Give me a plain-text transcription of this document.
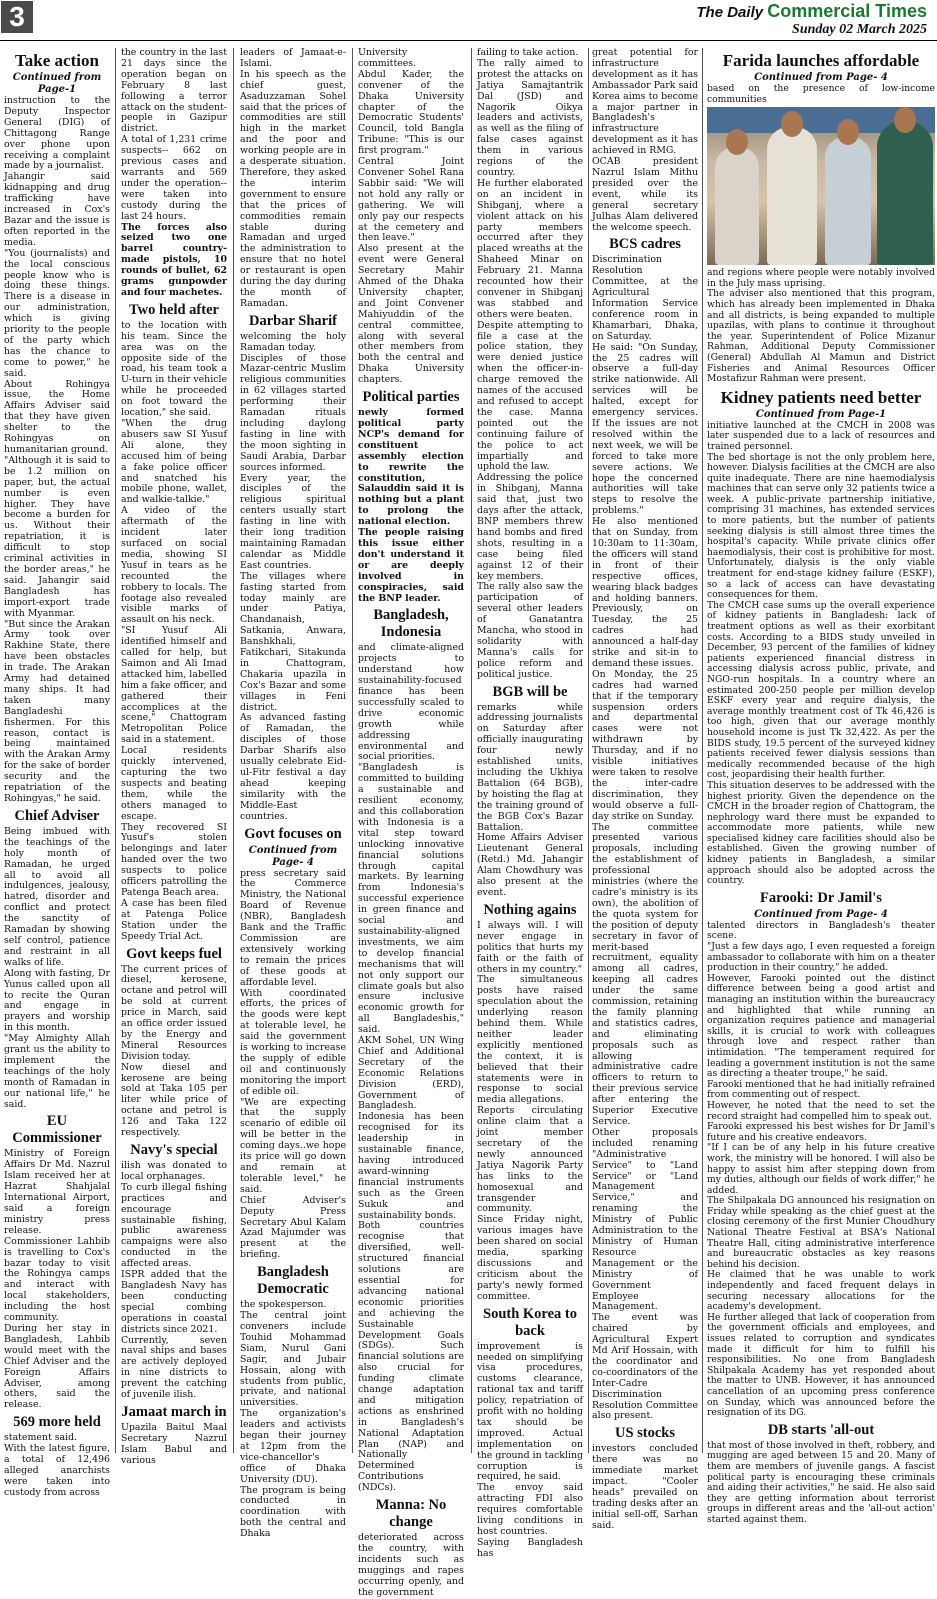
3	The Daily Commercial Times
Sunday 02 March 2025
Take action
Continued from Page-1

instruction to the Deputy Inspector General (DIG) of Chittagong Range over phone upon receiving a complaint made by a journalist.

Jahangir said kidnapping and drug trafficking have increased in Cox's Bazar and the issue is often reported in the media.

"You (journalists) and the local conscious people know who is doing these things. There is a disease in our administration, which is giving priority to the people of the party which has the chance to come to power," he said.

About Rohingya issue, the Home Affairs Adviser said that they have given shelter to the Rohingyas on humanitarian ground.

"Although it is said to be 1.2 million on paper, but, the actual number is even higher. They have become a burden for us. Without their repatriation, it is difficult to stop criminal activities in the border areas," he said. Jahangir said Bangladesh has import-export trade with Myanmar.

"But since the Arakan Army took over Rakhine State, there have been obstacles in trade. The Arakan Army had detained many ships. It had taken many Bangladeshi fishermen. For this reason, contact is being maintained with the Arakan Army for the sake of border security and the repatriation of the Rohingyas," he said.

Chief Adviser

Being imbued with the teachings of the holy month of Ramadan, he urged all to avoid all indulgences, jealousy, hatred, disorder and conflict and protect the sanctity of Ramadan by showing self control, patience and restraint in all walks of life.

Along with fasting, Dr Yunus called upon all to recite the Quran and engage in prayers and worship in this month.

"May Almighty Allah grant us the ability to implement the teachings of the holy month of Ramadan in our national life," he said.

EU Commissioner

Ministry of Foreign Affairs Dr Md. Nazrul Islam received her at Hazrat Shahjalal International Airport, said a foreign ministry press release.

Commissioner Lahbib is travelling to Cox's bazar today to visit the Rohingya camps and interact with local stakeholders, including the host community.

During her stay in Bangladesh, Lahbib would meet with the Chief Adviser and the Foreign Affairs Adviser, among others, said the release.

569 more held

statement said.

With the latest figure, a total of 12,496 alleged anarchists were taken into custody from across

the country in the last 21 days since the operation began on February 8 last following a terror attack on the student-people in Gazipur district.

A total of 1,231 crime suspects-- 662 on previous cases and warrants and 569 under the operation-- were taken into custody during the last 24 hours.

The forces also seized two one barrel country-made pistols, 10 rounds of bullet, 62 grams gunpowder and four machetes.

Two held after

to the location with his team. Since the area was on the opposite side of the road, his team took a U-turn in their vehicle while he proceeded on foot toward the location," she said.

"When the drug abusers saw SI Yusuf Ali alone, they accused him of being a fake police officer and snatched his mobile phone, wallet, and walkie-talkie."

A video of the aftermath of the incident later surfaced on social media, showing SI Yusuf in tears as he recounted the robbery to locals. The footage also revealed visible marks of assault on his neck.

"SI Yusuf Ali identified himself and called for help, but Saimon and Ali Imad attacked him, labelled him a fake officer, and gathered their accomplices at the scene," Chattogram Metropolitan Police said in a statement.

Local residents quickly intervened, capturing the two suspects and beating them, while the others managed to escape.

They recovered SI Yusuf's stolen belongings and later handed over the two suspects to police officers patrolling the Patenga Beach area.

A case has been filed at Patenga Police Station under the Speedy Trial Act.

Govt keeps fuel

The current prices of diesel, kerosene, octane and petrol will be sold at current price in March, said an office order issued by the Energy and Mineral Resources Division today.

Now diesel and kerosene are being sold at Taka 105 per liter while price of octane and petrol is 126 and Taka 122 respectively.

Navy's special

ilish was donated to local orphanages.

To curb illegal fishing practices and encourage sustainable fishing, public awareness campaigns were also conducted in the affected areas.

ISPR added that the Bangladesh Navy has been conducting special combing operations in coastal districts since 2021.

Currently, seven naval ships and bases are actively deployed in nine districts to prevent the catching of juvenile ilish.

Jamaat march in

Upazila Baitul Maal Secretary Nazrul Islam Babul and various

leaders of Jamaat-e-Islami.

In his speech as the chief guest, Asaduzzaman Sohel said that the prices of commodities are still high in the market and the poor and working people are in a desperate situation. Therefore, they asked the interim government to ensure that the prices of commodities remain stable during Ramadan and urged the administration to ensure that no hotel or restaurant is open during the day during the month of Ramadan.

Darbar Sharif

welcoming the holy Ramadan today.

Disciples of those Mazar-centric Muslim religious communities in 62 villages started performing their Ramadan rituals including daylong fasting in line with the moon sighting in Saudi Arabia, Darbar sources informed.

Every year, the disciples of the religious spiritual centers usually start fasting in line with their long tradition maintaining Ramadan calendar as Middle East countries.

The villages where fasting started from today mainly are under Patiya, Chandanaish, Satkania, Anwara, Banshkhali, Fatikchari, Sitakunda in Chattogram, Chakaria upazila in Cox's Bazar and some villages in Feni district.

As advanced fasting of Ramadan, the disciples of those Darbar Sharifs also usually celebrate Eid-ul-Fitr festival a day ahead keeping similarity with the Middle-East countries.

Govt focuses on
Continued from Page- 4

press secretary said the Commerce Ministry, the National Board of Revenue (NBR), Bangladesh Bank and the Traffic Commission are extensively working to remain the prices of these goods at affordable level.

With coordinated efforts, the prices of the goods were kept at tolerable level, he said the government is working to increase the supply of edible oil and continuously monitoring the import of edible oil.

"We are expecting that the supply scenario of edible oil will be better in the coming days..we hope its price will go down and remain at tolerable level," he said.

Chief Adviser's Deputy Press Secretary Abul Kalam Azad Majumder was present at the briefing.

Bangladesh Democratic

the spokesperson.

The central joint conveners include Touhid Mohammad Siam, Nurul Gani Sagir, and Jubair Hossain, along with students from public, private, and national universities.

The organization's leaders and activists began their journey at 12pm from the vice-chancellor's office of Dhaka University (DU).

The program is being conducted in coordination with both the central and Dhaka

University committees.

Abdul Kader, the convener of the Dhaka University chapter of the Democratic Students' Council, told Bangla Tribune: "This is our first program."

Central Joint Convener Sohel Rana Sabbir said: "We will not hold any rally or gathering. We will only pay our respects at the cemetery and then leave."

Also present at the event were General Secretary Mahir Ahmed of the Dhaka University chapter, and Joint Convener Mahiyuddin of the central committee, along with several other members from both the central and Dhaka University chapters.

Political parties

newly formed political party NCP's demand for constituent assembly election to rewrite the constitution, Salauddin said it is nothing but a plant to prolong the national election.

The people raising this issue either don't understand it or are deeply involved in conspiracies, said the BNP leader.

Bangladesh, Indonesia

and climate-aligned projects to understand how sustainability-focused finance has been successfully scaled to drive economic growth while addressing environmental and social priorities.

"Bangladesh is committed to building a sustainable and resilient economy, and this collaboration with Indonesia is a vital step toward unlocking innovative financial solutions through capital markets. By learning from Indonesia's successful experience in green finance and social and sustainability-aligned investments, we aim to develop financial mechanisms that will not only support our climate goals but also ensure inclusive economic growth for all Bangladeshis," said.

AKM Sohel, UN Wing Chief and Additional Secretary of the Economic Relations Division (ERD), Government of Bangladesh.

Indonesia has been recognised for its leadership in sustainable finance, having introduced award-winning financial instruments such as the Green Sukuk and sustainability bonds.

Both countries recognise that diversified, well-structured financial solutions are essential for advancing national economic priorities and achieving the Sustainable Development Goals (SDGs). Such financial solutions are also crucial for funding climate change adaptation and mitigation actions as enshrined in Bangladesh's National Adaptation Plan (NAP) and Nationally Determined Contributions (NDCs).

Manna: No change

deteriorated across the country, with incidents such as muggings and rapes occurring openly, and the government

failing to take action.

The rally aimed to protest the attacks on Jatiya Samajtantrik Dal (JSD) and Nagorik Oikya leaders and activists, as well as the filing of false cases against them in various regions of the country.

He further elaborated on an incident in Shibganj, where a violent attack on his party members occurred after they placed wreaths at the Shaheed Minar on February 21. Manna recounted how their convener in Shibganj was stabbed and others were beaten.

Despite attempting to file a case at the police station, they were denied justice when the officer-in-charge removed the names of the accused and refused to accept the case. Manna pointed out the continuing failure of the police to act impartially and uphold the law.

Addressing the police in Shibganj, Manna said that, just two days after the attack, BNP members threw hand bombs and fired shots, resulting in a case being filed against 12 of their key members.

The rally also saw the participation of several other leaders of Ganatantra Mancha, who stood in solidarity with Manna's calls for police reform and political justice.

BGB will be

remarks while addressing journalists on Saturday after officially inaugurating four newly established units, including the Ukhiya Battalion (64 BGB), by hoisting the flag at the training ground of the BGB Cox's Bazar Battalion.

Home Affairs Adviser Lieutenant General (Retd.) Md. Jahangir Alam Chowdhury was also present at the event.

Nothing agains

I always will. I will never engage in politics that hurts my faith or the faith of others in my country."

The simultaneous posts have raised speculation about the underlying reason behind them. While neither leader explicitly mentioned the context, it is believed that their statements were in response to social media allegations.

Reports circulating online claim that a joint member secretary of the newly announced Jatiya Nagorik Party has links to the homosexual and transgender community.

Since Friday night, various images have been shared on social media, sparking discussions and criticism about the party's newly formed committee.

South Korea to back

improvement is needed on simplifying visa procedures, customs clearance, rational tax and tariff policy, repatriation of profit with no holding tax should be improved. Actual implementation on the ground in tackling corruption is required, he said.

The envoy said attracting FDI also requires comfortable living conditions in host countries.

Saying Bangladesh has

great potential for infrastructure development as it has Ambassador Park said Korea aims to become a major partner in Bangladesh's infrastructure development as it has achieved in RMG.

OCAB president Nazrul Islam Mithu presided over the event, while its general secretary Julhas Alam delivered the welcome speech.

BCS cadres

Discrimination Resolution Committee, at the Agricultural Information Service conference room in Khamarbari, Dhaka, on Saturday.

He said: "On Sunday, the 25 cadres will observe a full-day strike nationwide. All services will be halted, except for emergency services. If the issues are not resolved within the next week, we will be forced to take more severe actions. We hope the concerned authorities will take steps to resolve the problems."

He also mentioned that on Sunday, from 10:30am to 11:30am, the officers will stand in front of their respective offices, wearing black badges and holding banners. Previously, on Tuesday, the 25 cadres had announced a half-day strike and sit-in to demand these issues.

On Monday, the 25 cadres had warned that if the temporary suspension orders and departmental cases were not withdrawn by Thursday, and if no visible initiatives were taken to resolve the inter-cadre discrimination, they would observe a full-day strike on Sunday.

The committee presented various proposals, including the establishment of professional ministries (where the cadre's ministry is its own), the abolition of the quota system for the position of deputy secretary in favor of merit-based recruitment, equality among all cadres, keeping all cadres under the same commission, retaining the family planning and statistics cadres, and eliminating proposals such as allowing administrative cadre officers to return to their previous service after entering the Superior Executive Service.

Other proposals included renaming "Administrative Service" to "Land Service" or "Land Management Service," and renaming the Ministry of Public Administration to the Ministry of Human Resource Management or the Ministry of Government Employee Management.

The event was chaired by Agricultural Expert Md Arif Hossain, with the coordinator and co-coordinators of the Inter-Cadre Discrimination Resolution Committee also present.

US stocks

investors concluded there was no immediate market impact. "Cooler heads" prevailed on trading desks after an initial sell-off, Sarhan said.

Farida launches affordable
Continued from Page- 4

based on the presence of low-income communities

and regions where people were notably involved in the July mass uprising.

The adviser also mentioned that this program, which has already been implemented in Dhaka and all districts, is being expanded to multiple upazilas, with plans to continue it throughout the year. Superintendent of Police Mizanur Rahman, Additional Deputy Commissioner (General) Abdullah Al Mamun and District Fisheries and Animal Resources Officer Mostafizur Rahman were present.

Kidney patients need better
Continued from Page-1

initiative launched at the CMCH in 2008 was later suspended due to a lack of resources and trained personnel.

The bed shortage is not the only problem here, however. Dialysis facilities at the CMCH are also quite inadequate. There are nine haemodialysis machines that can serve only 32 patients twice a week. A public-private partnership initiative, comprising 31 machines, has extended services to more patients, but the number of patients seeking dialysis is still almost three times the hospital's capacity. While private clinics offer haemodialysis, their cost is prohibitive for most. Unfortunately, dialysis is the only viable treatment for end-stage kidney failure (ESKF), so a lack of access can have devastating consequences for them.

The CMCH case sums up the overall experience of kidney patients in Bangladesh: lack of treatment options as well as their exorbitant costs. According to a BIDS study unveiled in December, 93 percent of the families of kidney patients experienced financial distress in accessing dialysis across public, private, and NGO-run hospitals. In a country where an estimated 200-250 people per million develop ESKF every year and require dialysis, the average monthly treatment cost of Tk 46,426 is too high, given that our average monthly household income is just Tk 32,422. As per the BIDS study, 19.5 percent of the surveyed kidney patients received fewer dialysis sessions than medically recommended because of the high cost, jeopardising their health further.

This situation deserves to be addressed with the highest priority. Given the dependence on the CMCH in the broader region of Chattogram, the nephrology ward there must be expanded to accommodate more patients, while new specialised kidney care facilities should also be established. Given the growing number of kidney patients in Bangladesh, a similar approach should also be adopted across the country.

Farooki: Dr Jamil's
Continued from Page- 4

talented directors in Bangladesh's theater scene.

"Just a few days ago, I even requested a foreign ambassador to collaborate with him on a theater production in their country," he added.

However, Farooki pointed out the distinct difference between being a good artist and managing an institution within the bureaucracy and highlighted that while running an organization requires patience and managerial skills, it is crucial to work with colleagues through love and respect rather than intimidation. "The temperament required for leading a government institution is not the same as directing a theater troupe," he said.

Farooki mentioned that he had initially refrained from commenting out of respect.

However, he noted that the need to set the record straight had compelled him to speak out.

Farooki expressed his best wishes for Dr Jamil's future and his creative endeavors.

"If I can be of any help in his future creative work, the ministry will be honored. I will also be happy to assist him after stepping down from my duties, although our fields of work differ," he added.

The Shilpakala DG announced his resignation on Friday while speaking as the chief guest at the closing ceremony of the first Munier Choudhury National Theatre Festival at BSA's National Theatre Hall, citing administrative interference and bureaucratic obstacles as key reasons behind his decision.

He claimed that he was unable to work independently and faced frequent delays in securing necessary allocations for the academy's development.

He further alleged that lack of cooperation from the government officials and employees, and issues related to corruption and syndicates made it difficult for him to fulfill his responsibilities. No one from Bangladesh Shilpakala Academy has yet responded about the matter to UNB. However, it has announced cancellation of an upcoming press conference on Sunday, which was announced before the resignation of its DG.

DB starts 'all-out

that most of those involved in theft, robbery, and mugging are aged between 15 and 20. Many of them are members of juvenile gangs. A fascist political party is encouraging these criminals and aiding their activities," he said. He also said they are getting information about terrorist groups in different areas and the 'all-out action' started against them.
